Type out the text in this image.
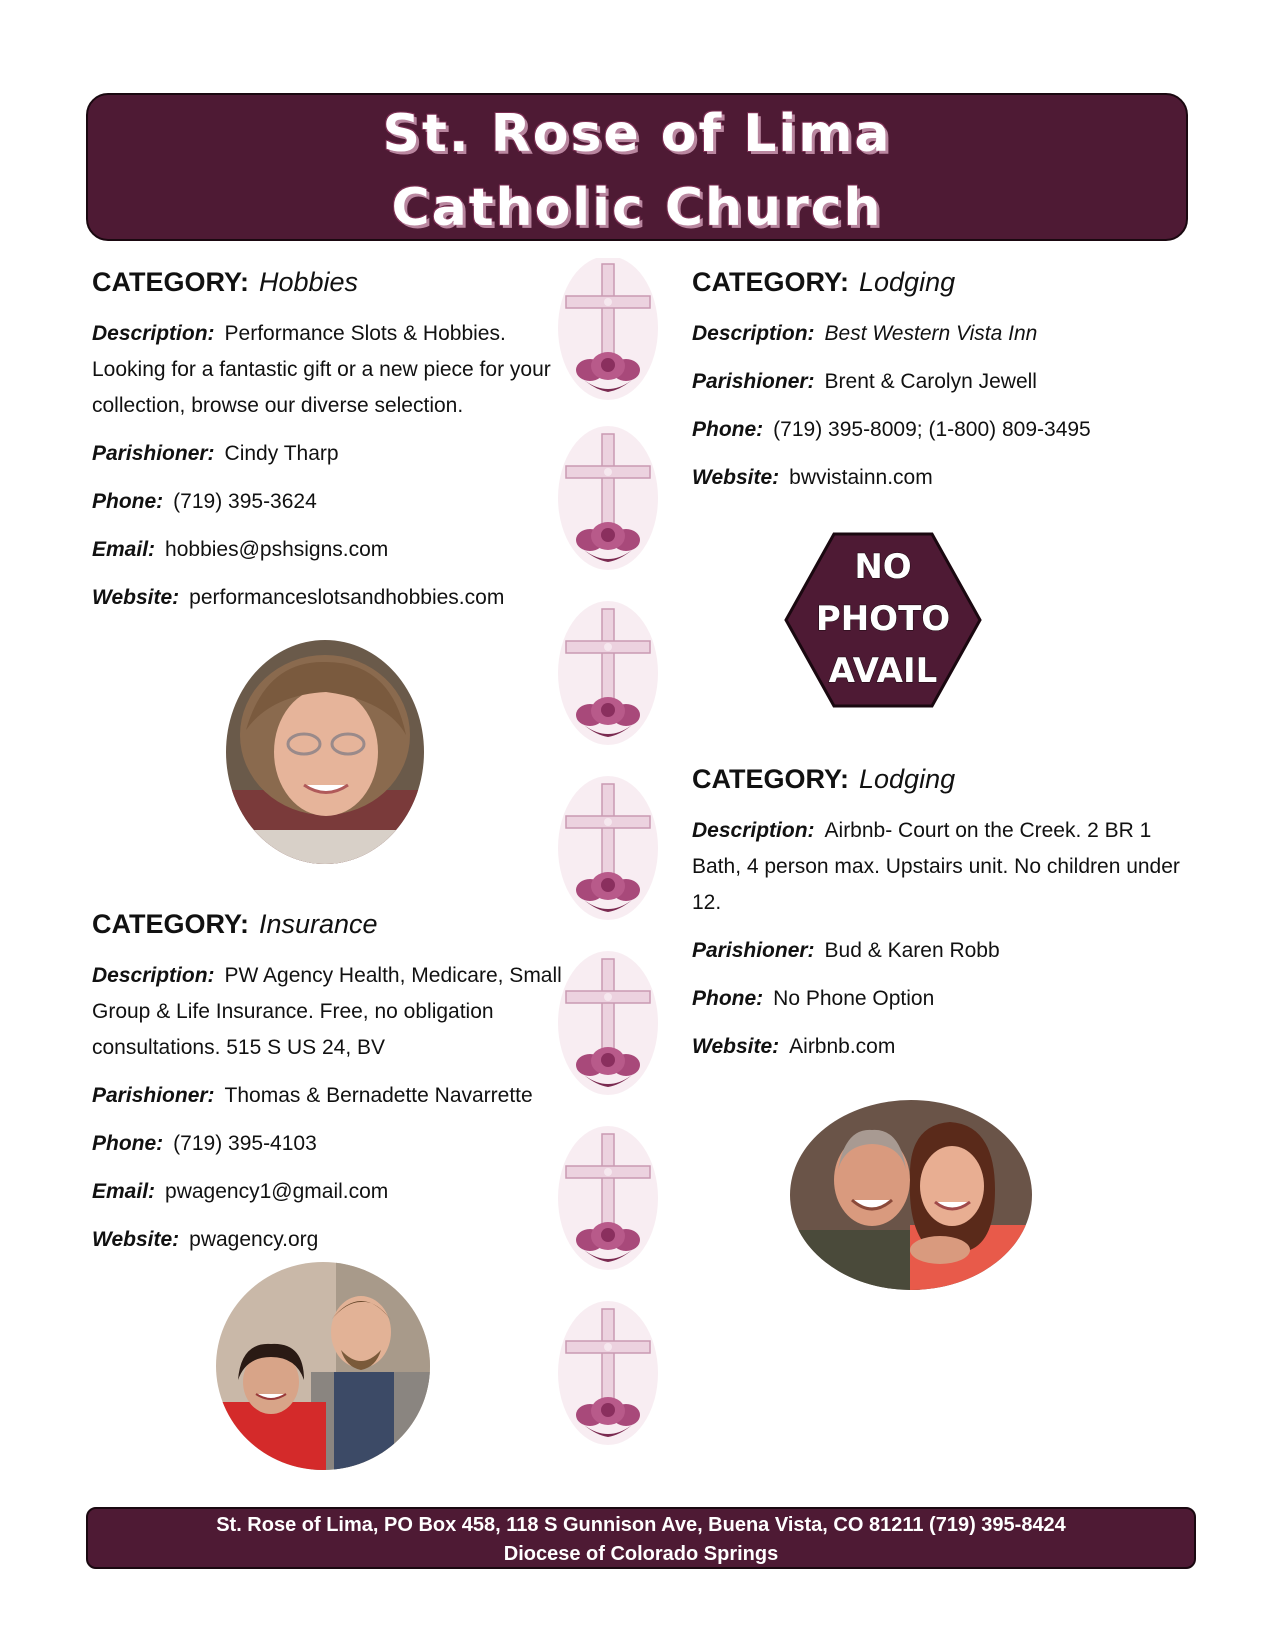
St. Rose of Lima
Catholic Church
CATEGORY: Hobbies
Description: Performance Slots & Hobbies. Looking for a fantastic gift or a new piece for your collection, browse our diverse selection.
Parishioner: Cindy Tharp
Phone: (719) 395-3624
Email: hobbies@pshsigns.com
Website: performanceslotsandhobbies.com
CATEGORY: Insurance
Description: PW Agency Health, Medicare, Small Group & Life Insurance. Free, no obligation consultations. 515 S US 24, BV
Parishioner: Thomas & Bernadette Navarrette
Phone: (719) 395-4103
Email: pwagency1@gmail.com
Website: pwagency.org
CATEGORY: Lodging
Description: Best Western Vista Inn
Parishioner: Brent & Carolyn Jewell
Phone: (719) 395-8009; (1-800) 809-3495
Website: bwvistainn.com
NO
PHOTO
AVAIL
CATEGORY: Lodging
Description: Airbnb- Court on the Creek. 2 BR 1 Bath, 4 person max. Upstairs unit. No children under 12.
Parishioner: Bud & Karen Robb
Phone: No Phone Option
Website: Airbnb.com
St. Rose of Lima, PO Box 458, 118 S Gunnison Ave, Buena Vista, CO 81211 (719) 395-8424
Diocese of Colorado Springs
